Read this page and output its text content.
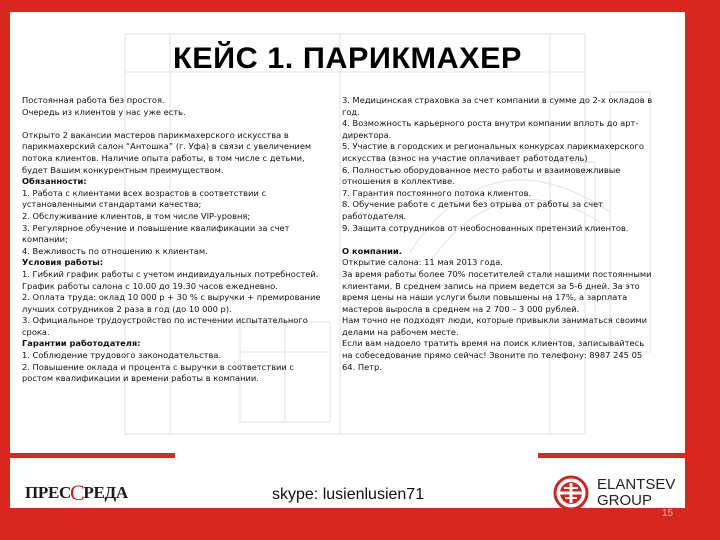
КЕЙС 1. ПАРИКМАХЕР

Постоянная работа без простоя.

Очередь из клиентов у нас уже есть.

Открыто 2 вакансии мастеров парикмахерского искусства в парикмахерский салон “Антошка” (г. Уфа) в связи с увеличением потока клиентов. Наличие опыта работы, в том числе с детьми, будет Вашим конкурентным преимуществом.

Обязанности:

1. Работа с клиентами всех возрастов в соответствии с установленными стандартами качества;

2. Обслуживание клиентов, в том числе VIP-уровня;

3. Регулярное обучение и повышение квалификации за счет компании;

4. Вежливость по отношению к клиентам.

Условия работы:

1. Гибкий график работы с учетом индивидуальных потребностей. График работы салона с 10.00 до 19.30 часов ежедневно.

2. Оплата труда: оклад 10 000 р + 30 % с выручки + премирование лучших сотрудников 2 раза в год (до 10 000 р).

3. Официальное трудоустройство по истечении испытательного срока.

Гарантии работодателя:

1. Соблюдение трудового законодательства.

2. Повышение оклада и процента с выручки в соответствии с ростом квалификации и времени работы в компании.

3. Медицинская страховка за счет компании в сумме до 2-х окладов в год.

4. Возможность карьерного роста внутри компании вплоть до арт-директора.

5. Участие в городских и региональных конкурсах парикмахерского искусства (взнос на участие оплачивает работодатель)

6. Полностью оборудованное место работы и взаимовежливые отношения в коллективе.

7. Гарантия постоянного потока клиентов.

8. Обучение работе с детьми без отрыва от работы за счет работодателя.

9. Защита сотрудников от необоснованных претензий клиентов.

О компании.

Открытие салона: 11 мая 2013 года.

За время работы более 70% посетителей стали нашими постоянными клиентами. В среднем запись на прием ведется за 5-6 дней. За это время цены на наши услуги были повышены на 17%, а зарплата мастеров выросла в среднем на 2 700 – 3 000 рублей.

Нам точно не подходят люди, которые привыкли заниматься своими делами на рабочем месте.

Если вам надоело тратить время на поиск клиентов, записывайтесь на собеседование прямо сейчас! Звоните по телефону: 8987 245 05 64. Петр.

ПРЕССРЕДА	skype: lusienlusien71
ELANTSEV
GROUP
15
